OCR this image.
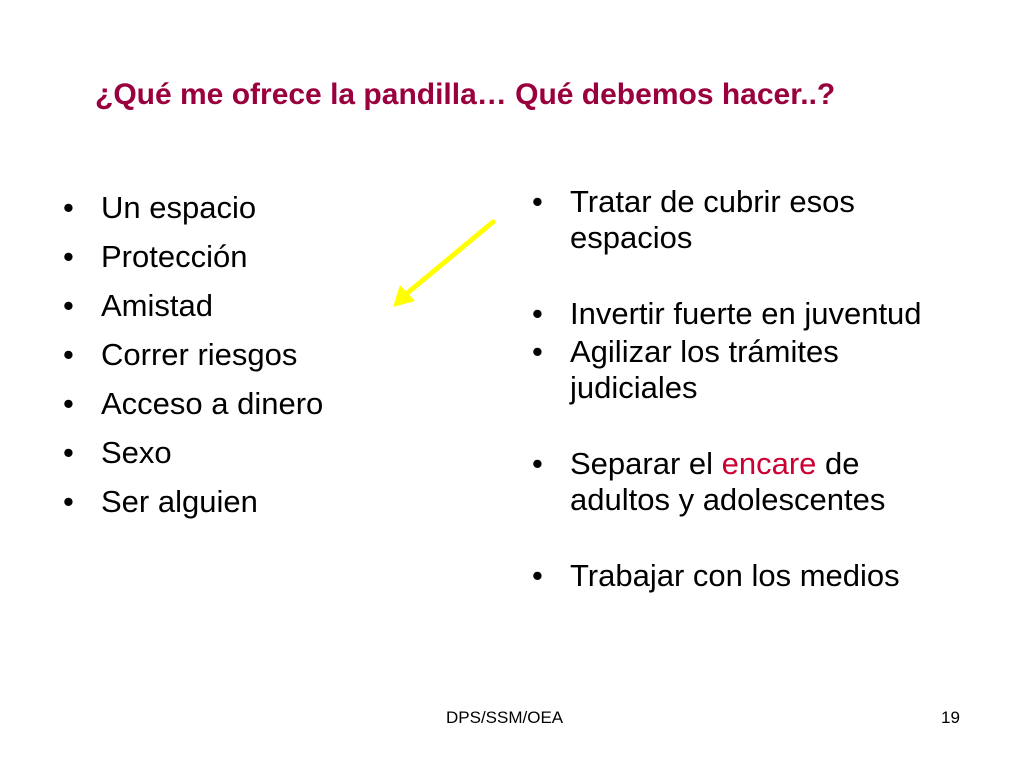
¿Qué me ofrece la pandilla… Qué debemos hacer..?
• Un espacio
• Protección
• Amistad
• Correr riesgos
• Acceso a dinero
• Sexo
• Ser alguien
• Tratar de cubrir esos
espacios
• Invertir fuerte en juventud
• Agilizar los trámites
judiciales
• Separar el encare de
adultos y adolescentes
• Trabajar con los medios
DPS/SSM/OEA	19
